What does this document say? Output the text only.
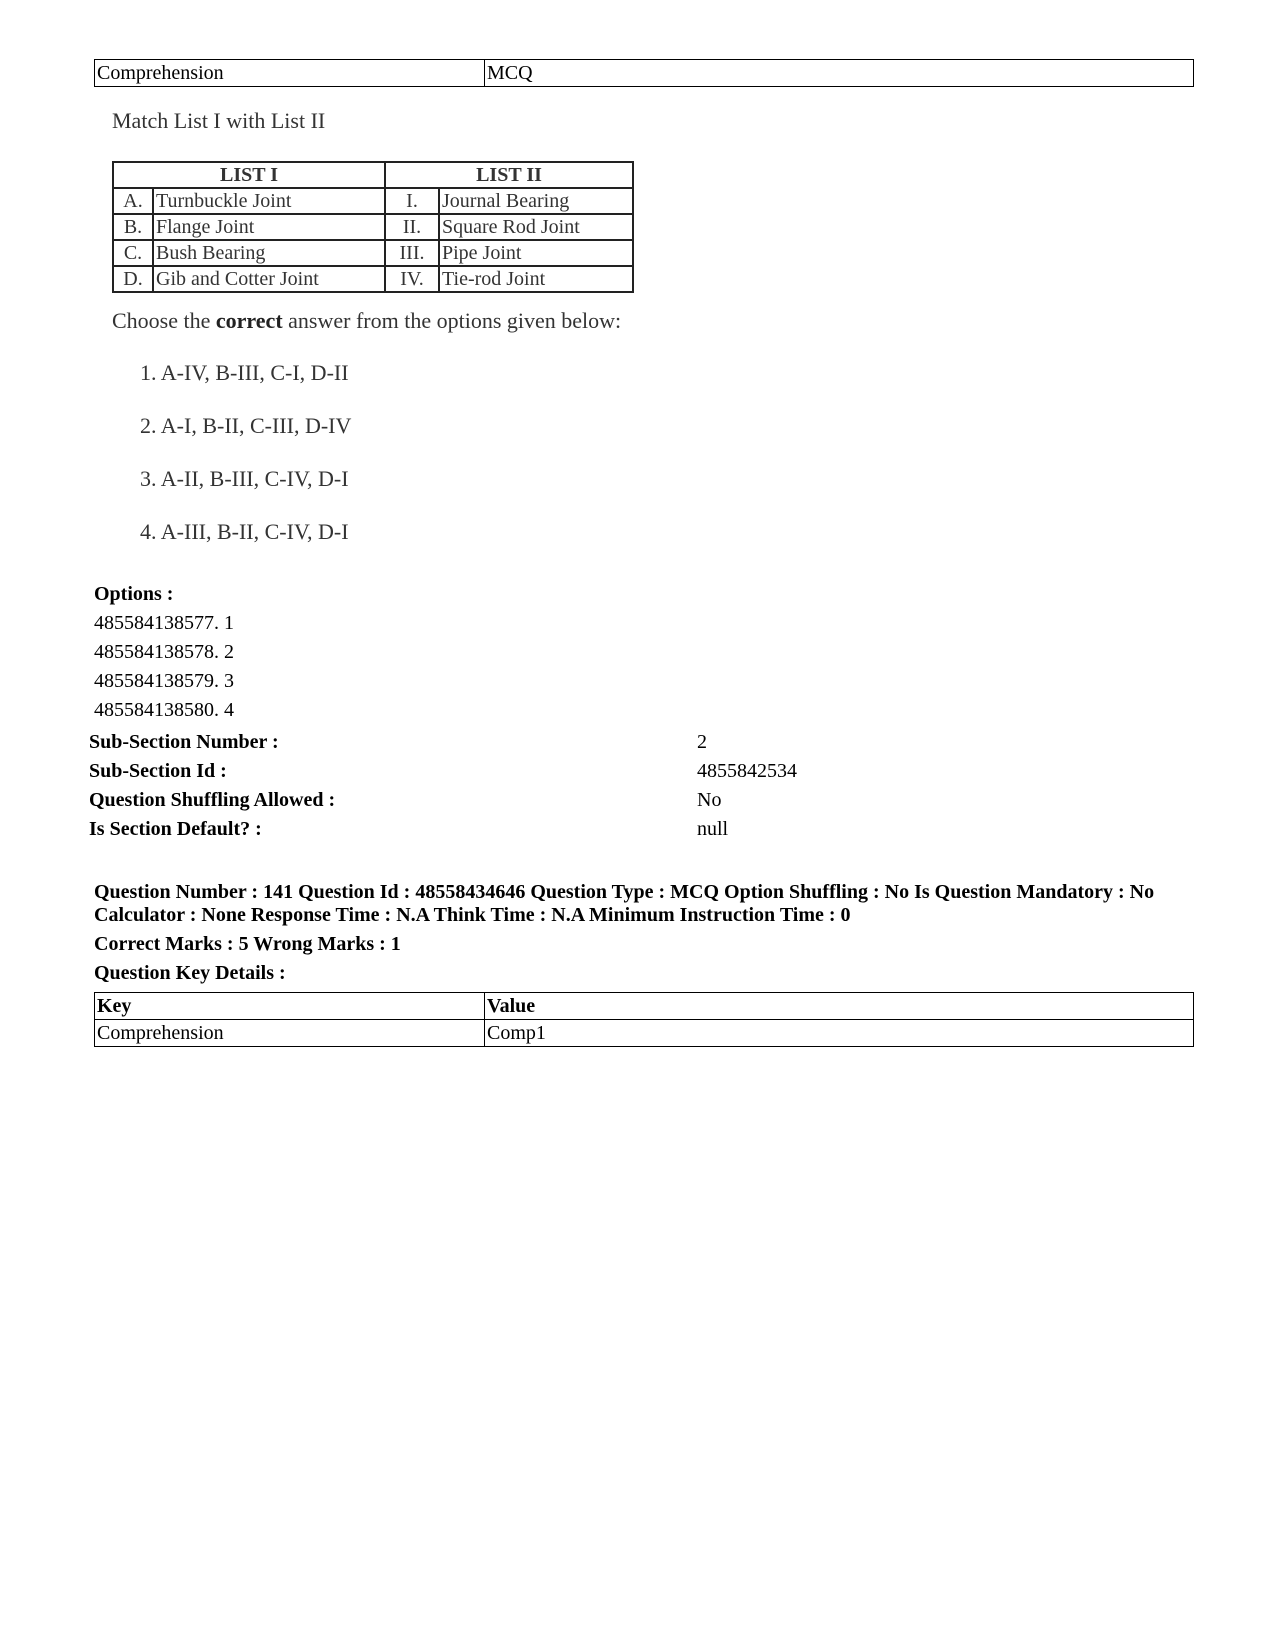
Comprehension	MCQ
Match List I with List II
LIST I		LIST II	
A.	Turnbuckle Joint	I.	Journal Bearing
B.	Flange Joint	II.	Square Rod Joint
C.	Bush Bearing	III.	Pipe Joint
D.	Gib and Cotter Joint	IV.	Tie-rod Joint
Choose the correct answer from the options given below:
1. A-IV, B-III, C-I, D-II
2. A-I, B-II, C-III, D-IV
3. A-II, B-III, C-IV, D-I
4. A-III, B-II, C-IV, D-I
Options :
485584138577. 1
485584138578. 2
485584138579. 3
485584138580. 4
Sub-Section Number :	2
Sub-Section Id :	4855842534
Question Shuffling Allowed :	No
Is Section Default? :	null
Question Number : 141 Question Id : 48558434646 Question Type : MCQ Option Shuffling : No Is Question Mandatory : No Calculator : None Response Time : N.A Think Time : N.A Minimum Instruction Time : 0
Correct Marks : 5 Wrong Marks : 1
Question Key Details :
Key	Value
Comprehension	Comp1
